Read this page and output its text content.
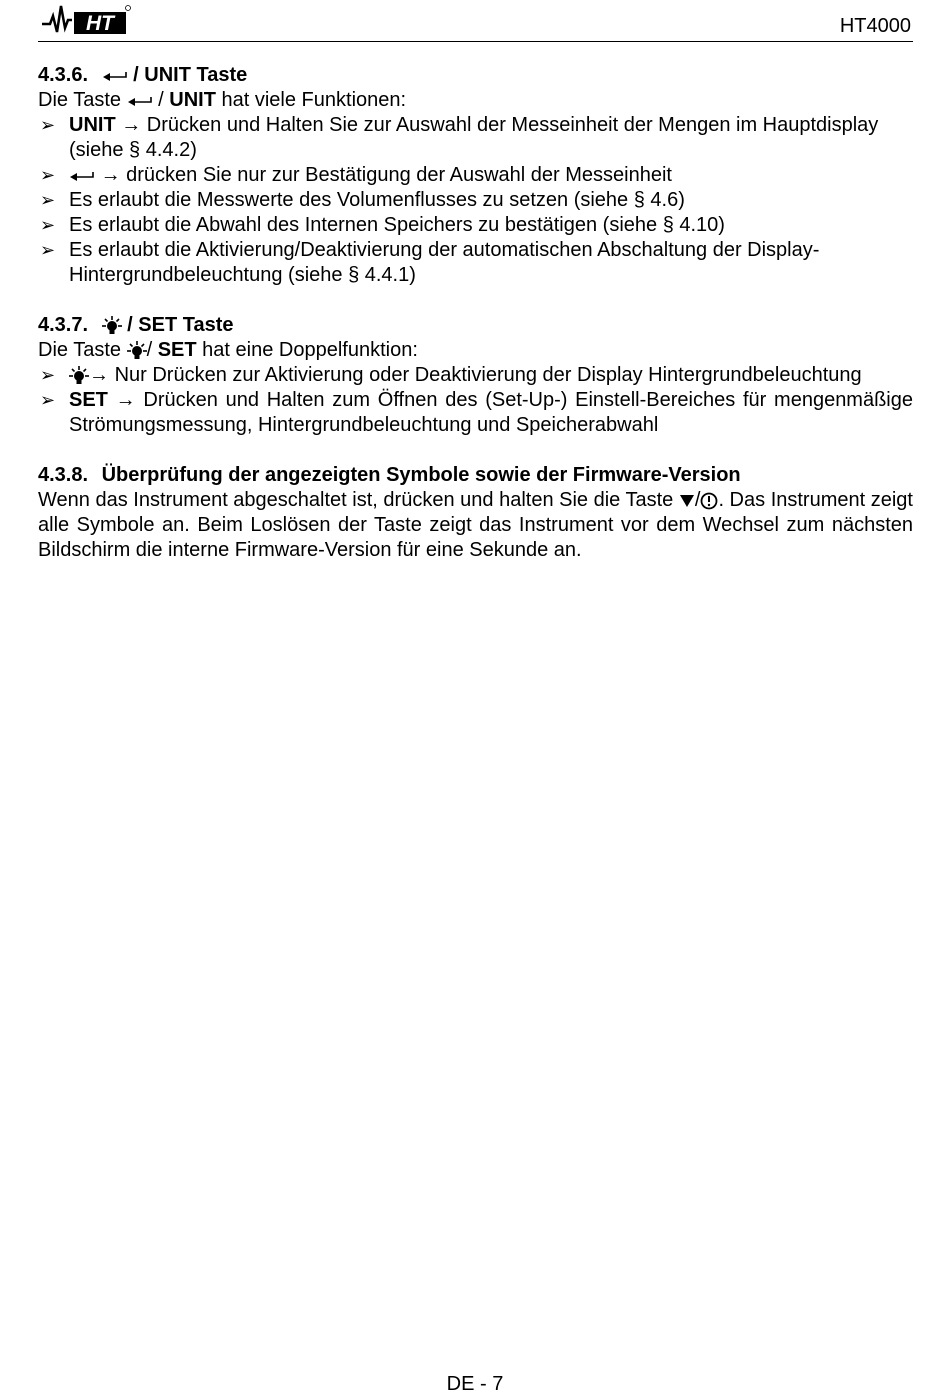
HT	HT4000
4.3.6. / UNIT Taste

Die Taste / UNIT hat viele Funktionen:

➢ UNIT → Drücken und Halten Sie zur Auswahl der Messeinheit der Mengen im Hauptdisplay (siehe § 4.4.2)
➢ → drücken Sie nur zur Bestätigung der Auswahl der Messeinheit
➢ Es erlaubt die Messwerte des Volumenflusses zu setzen (siehe § 4.6)
➢ Es erlaubt die Abwahl des Internen Speichers zu bestätigen (siehe § 4.10)
➢ Es erlaubt die Aktivierung/Deaktivierung der automatischen Abschaltung der Display-Hintergrundbeleuchtung (siehe § 4.4.1)
4.3.7. / SET Taste

Die Taste / SET hat eine Doppelfunktion:

➢ → Nur Drücken zur Aktivierung oder Deaktivierung der Display Hintergrundbeleuchtung
➢ SET → Drücken und Halten zum Öffnen des (Set-Up-) Einstell-Bereiches für mengenmäßige Strömungsmessung, Hintergrundbeleuchtung und Speicherabwahl
4.3.8. Überprüfung der angezeigten Symbole sowie der Firmware-Version

Wenn das Instrument abgeschaltet ist, drücken und halten Sie die Taste / . Das Instrument zeigt alle Symbole an. Beim Loslösen der Taste zeigt das Instrument vor dem Wechsel zum nächsten Bildschirm die interne Firmware-Version für eine Sekunde an.

DE - 7
